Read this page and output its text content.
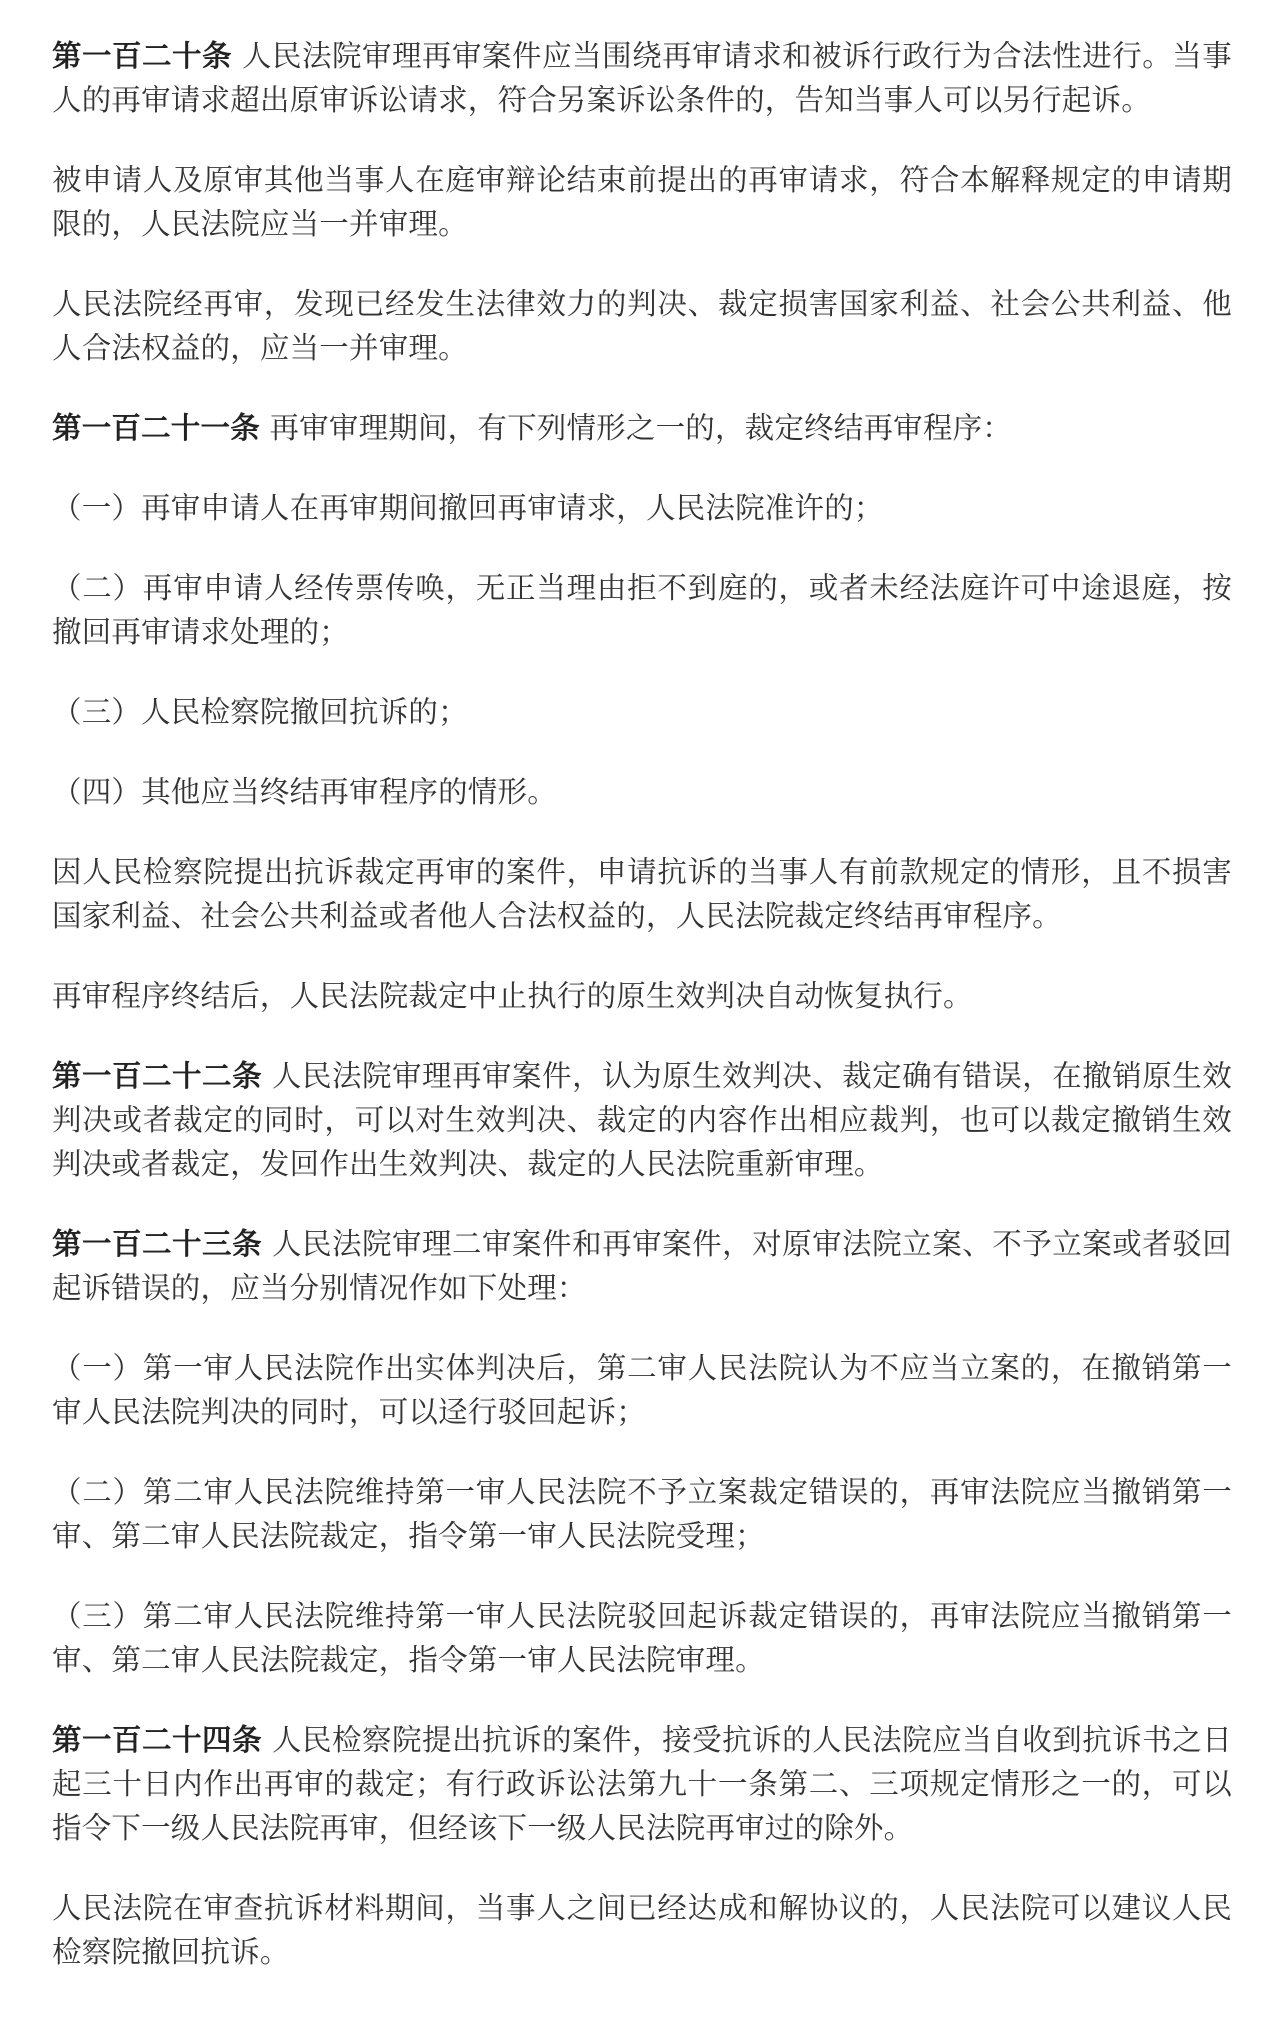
第一百二十条 人民法院审理再审案件应当围绕再审请求和被诉行政行为合法性进行。当事人的再审请求超出原审诉讼请求，符合另案诉讼条件的，告知当事人可以另行起诉。

被申请人及原审其他当事人在庭审辩论结束前提出的再审请求，符合本解释规定的申请期限的，人民法院应当一并审理。

人民法院经再审，发现已经发生法律效力的判决、裁定损害国家利益、社会公共利益、他人合法权益的，应当一并审理。

第一百二十一条 再审审理期间，有下列情形之一的，裁定终结再审程序：

（一）再审申请人在再审期间撤回再审请求，人民法院准许的；

（二）再审申请人经传票传唤，无正当理由拒不到庭的，或者未经法庭许可中途退庭，按撤回再审请求处理的；

（三）人民检察院撤回抗诉的；

（四）其他应当终结再审程序的情形。

因人民检察院提出抗诉裁定再审的案件，申请抗诉的当事人有前款规定的情形，且不损害国家利益、社会公共利益或者他人合法权益的，人民法院裁定终结再审程序。

再审程序终结后，人民法院裁定中止执行的原生效判决自动恢复执行。

第一百二十二条 人民法院审理再审案件，认为原生效判决、裁定确有错误，在撤销原生效判决或者裁定的同时，可以对生效判决、裁定的内容作出相应裁判，也可以裁定撤销生效判决或者裁定，发回作出生效判决、裁定的人民法院重新审理。

第一百二十三条 人民法院审理二审案件和再审案件，对原审法院立案、不予立案或者驳回起诉错误的，应当分别情况作如下处理：

（一）第一审人民法院作出实体判决后，第二审人民法院认为不应当立案的，在撤销第一审人民法院判决的同时，可以迳行驳回起诉；

（二）第二审人民法院维持第一审人民法院不予立案裁定错误的，再审法院应当撤销第一审、第二审人民法院裁定，指令第一审人民法院受理；

（三）第二审人民法院维持第一审人民法院驳回起诉裁定错误的，再审法院应当撤销第一审、第二审人民法院裁定，指令第一审人民法院审理。

第一百二十四条 人民检察院提出抗诉的案件，接受抗诉的人民法院应当自收到抗诉书之日起三十日内作出再审的裁定；有行政诉讼法第九十一条第二、三项规定情形之一的，可以指令下一级人民法院再审，但经该下一级人民法院再审过的除外。

人民法院在审查抗诉材料期间，当事人之间已经达成和解协议的，人民法院可以建议人民检察院撤回抗诉。
